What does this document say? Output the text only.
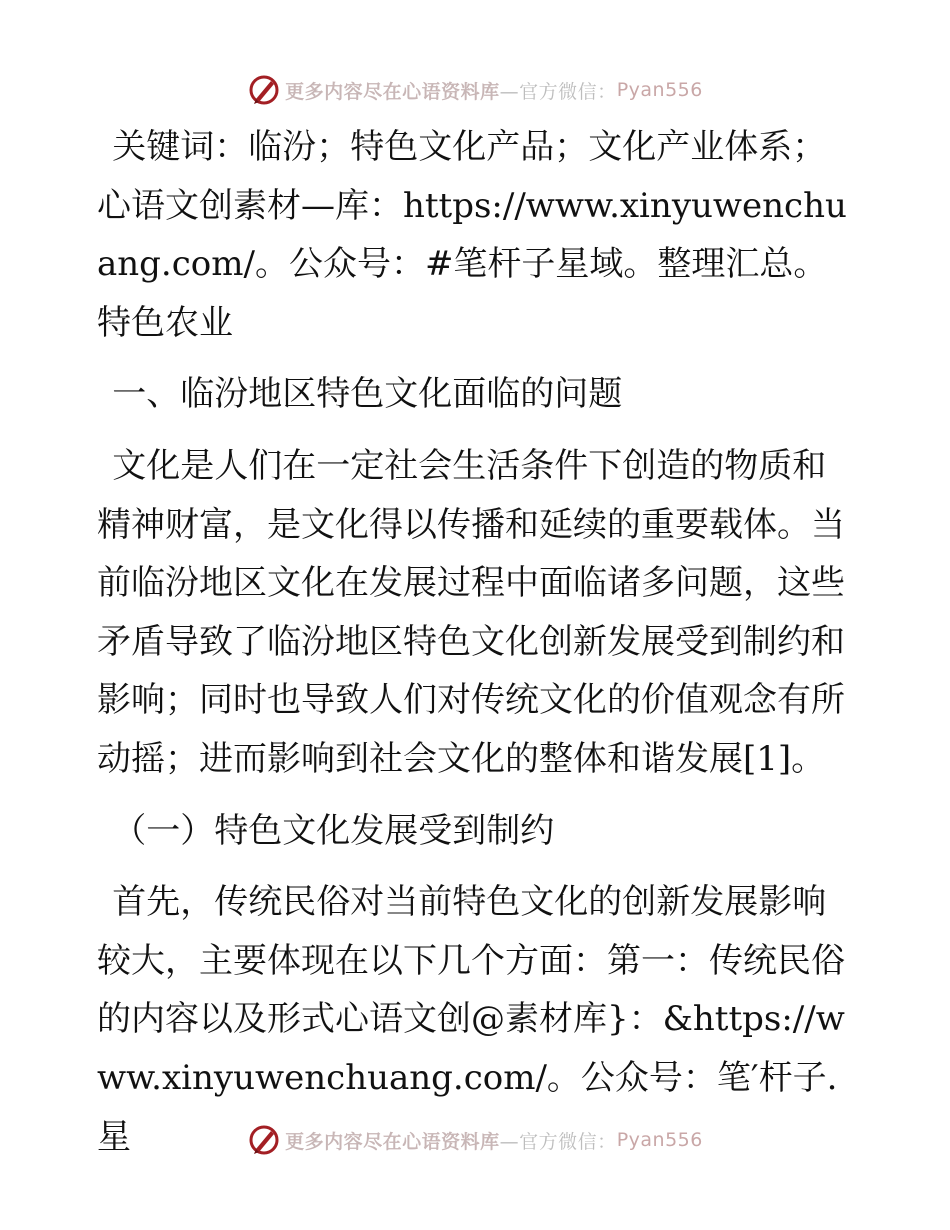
更多内容尽在心语资料库 —官方微信： Pyan556

关键词：临汾；特色文化产品；文化产业体系；心语文创素材—库：https://www.xinyuwenchuang.com/。公众号：#笔杆子星域。整理汇总。特色农业

一、临汾地区特色文化面临的问题

文化是人们在一定社会生活条件下创造的物质和精神财富，是文化得以传播和延续的重要载体。当前临汾地区文化在发展过程中面临诸多问题，这些矛盾导致了临汾地区特色文化创新发展受到制约和影响；同时也导致人们对传统文化的价值观念有所动摇；进而影响到社会文化的整体和谐发展[1]。

（一）特色文化发展受到制约

首先，传统民俗对当前特色文化的创新发展影响较大，主要体现在以下几个方面：第一：传统民俗的内容以及形式心语文创@素材库}：&https://www.xinyuwenchuang.com/。公众号：笔′杆子.星	更多内容尽在心语资料库 —官方微信： Pyan556
